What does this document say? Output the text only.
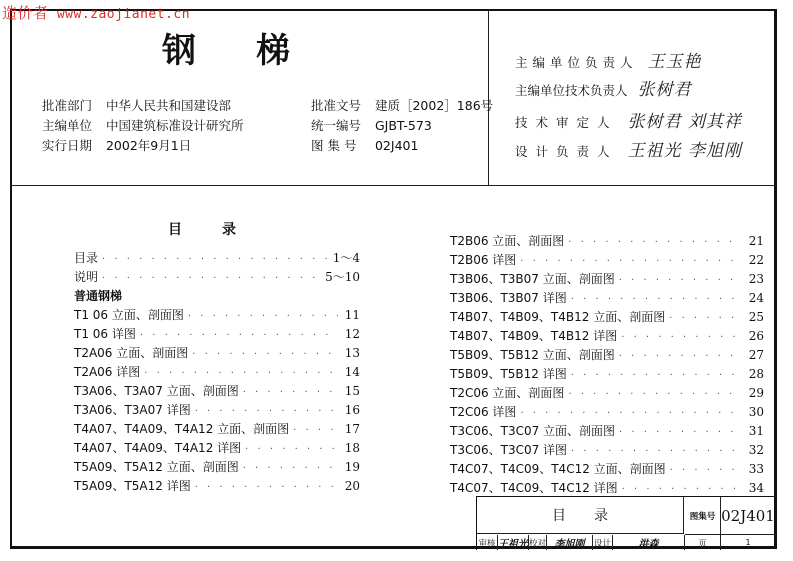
造价者 www.zaojianet.cn
钢梯
批准部门 中华人民共和国建设部
主编单位 中国建筑标准设计研究所
实行日期 2002年9月1日
批准文号 建质［2002］186号
统一编号 GJBT-573
图 集 号 02J401
主编单位负责人 王玉艳
主编单位技术负责人 张树君
技术审定人 张树君 刘其祥
设计负责人 王祖光 李旭刚
目录
目录 · · ·	1～4
说明 · · ·	5～10
普通钢梯
T1 06 立面、剖面图 · · ·	11
T1 06 详图 · · ·	12
T2A06 立面、剖面图 · · ·	13
T2A06 详图 · · ·	14
T3A06、T3A07 立面、剖面图 · · ·	15
T3A06、T3A07 详图 · · ·	16
T4A07、T4A09、T4A12 立面、剖面图 · · ·	17
T4A07、T4A09、T4A12 详图 · · ·	18
T5A09、T5A12 立面、剖面图 · · ·	19
T5A09、T5A12 详图 · · ·	20
T2B06 立面、剖面图 · · ·	21
T2B06 详图 · · ·	22
T3B06、T3B07 立面、剖面图 · · ·	23
T3B06、T3B07 详图 · · ·	24
T4B07、T4B09、T4B12 立面、剖面图 · · ·	25
T4B07、T4B09、T4B12 详图 · · ·	26
T5B09、T5B12 立面、剖面图 · · ·	27
T5B09、T5B12 详图 · · ·	28
T2C06 立面、剖面图 · · ·	29
T2C06 详图 · · ·	30
T3C06、T3C07 立面、剖面图 · · ·	31
T3C06、T3C07 详图 · · ·	32
T4C07、T4C09、T4C12 立面、剖面图 · · ·	33
T4C07、T4C09、T4C12 详图 · · ·	34
目录	图集号 02J401
审核 王祖光 校对 李旭刚	设计	洪森	页	1
